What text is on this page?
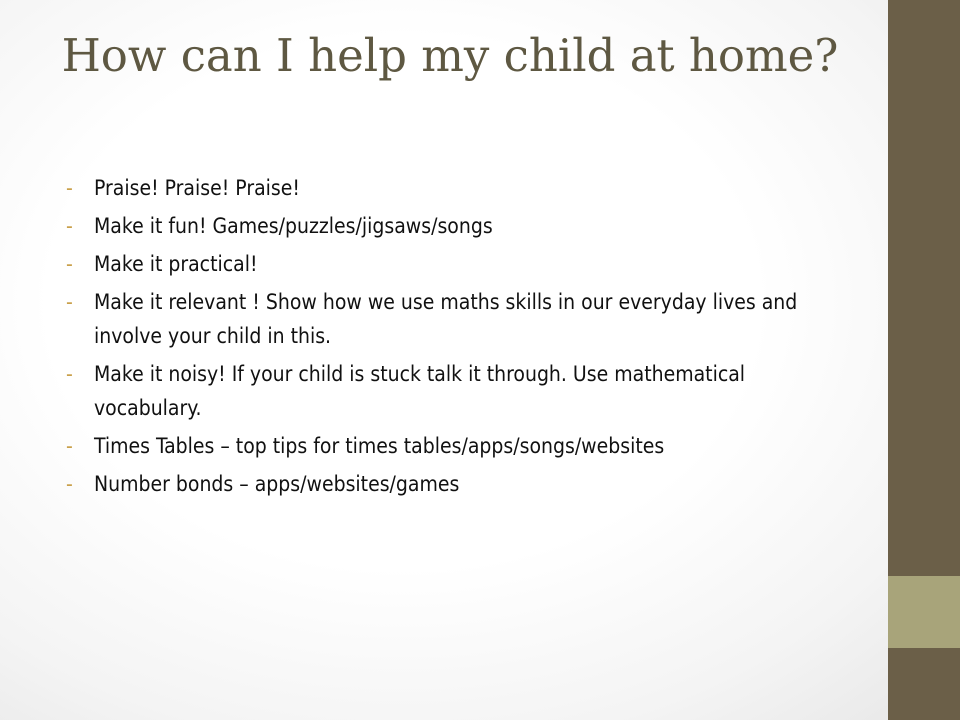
How can I help my child at home?
- Praise! Praise! Praise!
- Make it fun! Games/puzzles/jigsaws/songs
- Make it practical!
- Make it relevant ! Show how we use maths skills in our everyday lives and involve your child in this.
- Make it noisy! If your child is stuck talk it through. Use mathematical vocabulary.
- Times Tables – top tips for times tables/apps/songs/websites
- Number bonds – apps/websites/games
